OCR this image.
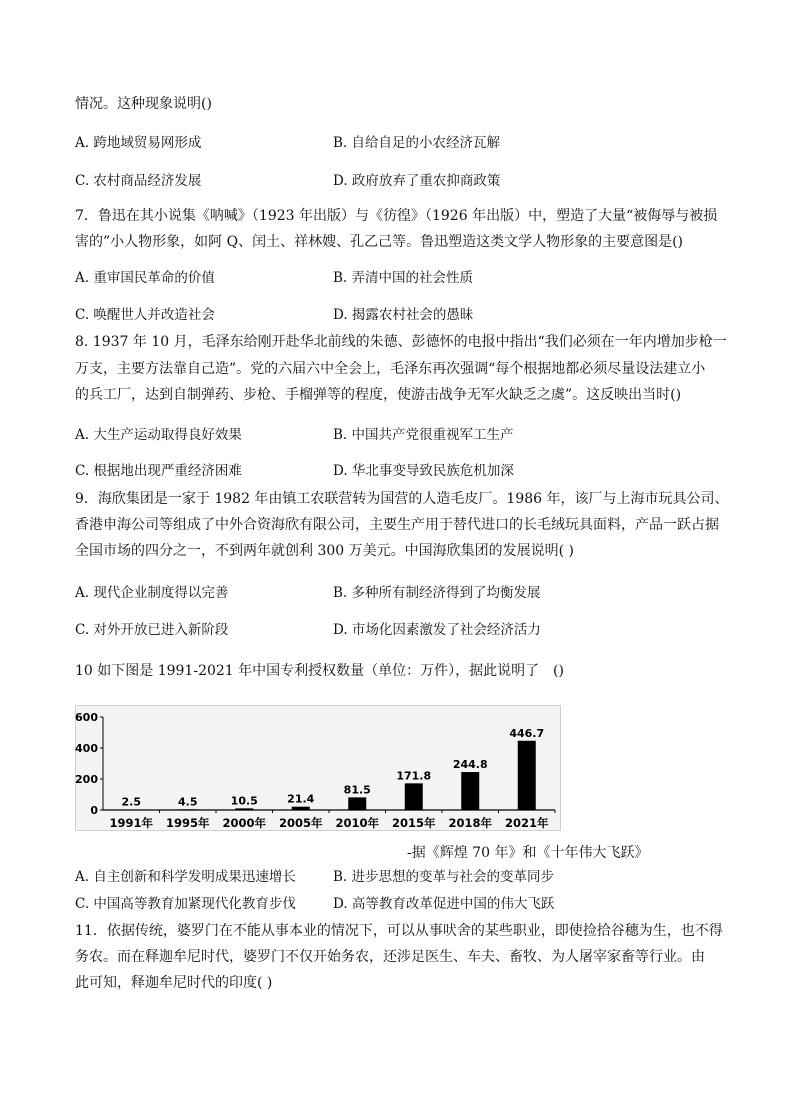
情况。这种现象说明()
A. 跨地域贸易网形成	B. 自给自足的小农经济瓦解
C. 农村商品经济发展	D. 政府放弃了重农抑商政策
7．鲁迅在其小说集《呐喊》（1923 年出版）与《彷徨》（1926 年出版）中，塑造了大量“被侮辱与被损
害的”小人物形象，如阿 Q、闰土、祥林嫂、孔乙己等。鲁迅塑造这类文学人物形象的主要意图是()
A. 重审国民革命的价值	B. 弄清中国的社会性质
C. 唤醒世人并改造社会	D. 揭露农村社会的愚昧
8. 1937 年 10 月，毛泽东给刚开赴华北前线的朱德、彭德怀的电报中指出“我们必须在一年内增加步枪一
万支，主要方法靠自己造”。党的六届六中全会上，毛泽东再次强调“每个根据地都必须尽量设法建立小
的兵工厂，达到自制弹药、步枪、手榴弹等的程度，使游击战争无军火缺乏之虞”。这反映出当时()
A. 大生产运动取得良好效果	B. 中国共产党很重视军工生产
C. 根据地出现严重经济困难	D. 华北事变导致民族危机加深
9．海欣集团是一家于 1982 年由镇工农联营转为国营的人造毛皮厂。1986 年，该厂与上海市玩具公司、
香港申海公司等组成了中外合资海欣有限公司，主要生产用于替代进口的长毛绒玩具面料，产品一跃占据
全国市场的四分之一，不到两年就创利 300 万美元。中国海欣集团的发展说明( )
A. 现代企业制度得以完善	B. 多种所有制经济得到了均衡发展
C. 对外开放已进入新阶段	D. 市场化因素激发了社会经济活力
10 如下图是 1991-2021 年中国专利授权数量（单位：万件），据此说明了 ()
0
200
400
600
2.5
1991年
4.5
1995年
10.5
2000年
21.4
2005年
81.5
2010年
171.8
2015年
244.8
2018年
446.7
2021年
-据《辉煌 70 年》和《十年伟大飞跃》
A. 自主创新和科学发明成果迅速增长	B. 进步思想的变革与社会的变革同步
C. 中国高等教育加紧现代化教育步伐	D. 高等教育改革促进中国的伟大飞跃
11．依据传统，婆罗门在不能从事本业的情况下，可以从事吠舍的某些职业，即使捡拾谷穗为生，也不得
务农。而在释迦牟尼时代，婆罗门不仅开始务农，还涉足医生、车夫、畜牧、为人屠宰家畜等行业。由
此可知，释迦牟尼时代的印度( )
